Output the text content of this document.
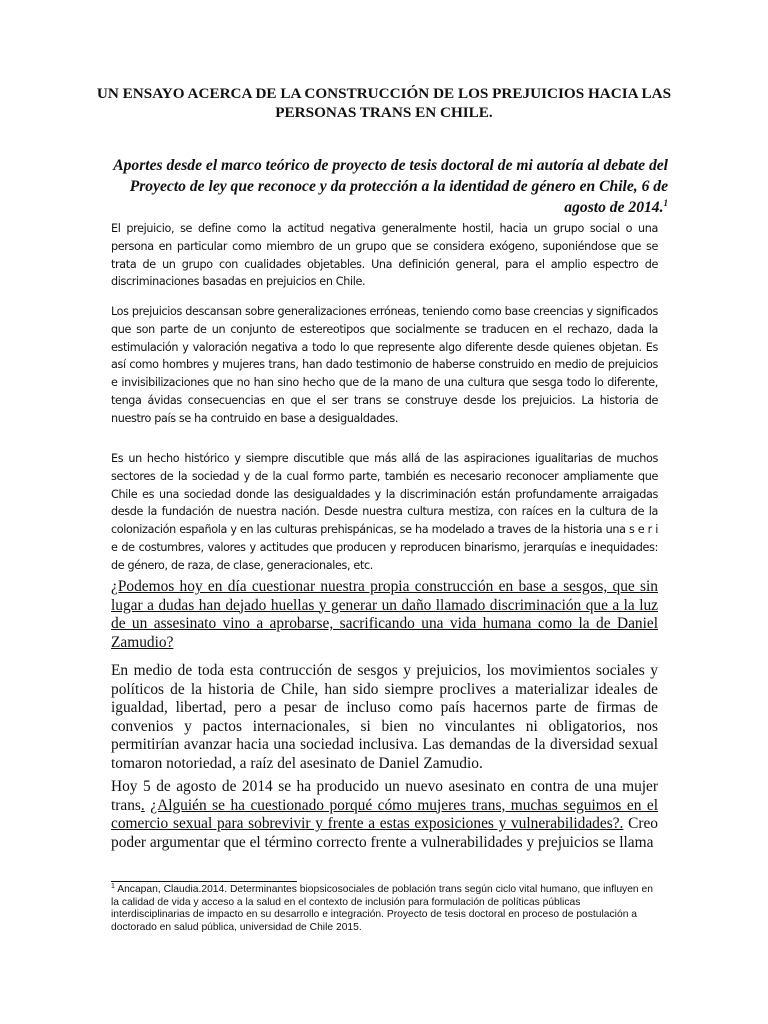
UN ENSAYO ACERCA DE LA CONSTRUCCIÓN DE LOS PREJUICIOS HACIA LAS PERSONAS TRANS EN CHILE.

Aportes desde el marco teórico de proyecto de tesis doctoral de mi autoría al debate del Proyecto de ley que reconoce y da protección a la identidad de género en Chile, 6 de agosto de 2014.$^1$

El prejuicio, se define como la actitud negativa generalmente hostil, hacia un grupo social o una persona en particular como miembro de un grupo que se considera exógeno, suponiéndose que se trata de un grupo con cualidades objetables. Una definición general, para el amplio espectro de discriminaciones basadas en prejuicios en Chile.

Los prejuicios descansan sobre generalizaciones erróneas, teniendo como base creencias y significados que son parte de un conjunto de estereotipos que socialmente se traducen en el rechazo, dada la estimulación y valoración negativa a todo lo que represente algo diferente desde quienes objetan. Es así como hombres y mujeres trans, han dado testimonio de haberse construido en medio de prejuicios e invisibilizaciones que no han sino hecho que de la mano de una cultura que sesga todo lo diferente, tenga ávidas consecuencias en que el ser trans se construye desde los prejuicios. La historia de nuestro país se ha contruido en base a desigualdades.

Es un hecho histórico y siempre discutible que más allá de las aspiraciones igualitarias de muchos sectores de la sociedad y de la cual formo parte, también es necesario reconocer ampliamente que Chile es una sociedad donde las desigualdades y la discriminación están profundamente arraigadas desde la fundación de nuestra nación. Desde nuestra cultura mestiza, con raíces en la cultura de la colonización española y en las culturas prehispánicas, se ha modelado a traves de la historia una s e r i e de costumbres, valores y actitudes que producen y reproducen binarismo, jerarquías e inequidades: de género, de raza, de clase, generacionales, etc.

¿Podemos hoy en día cuestionar nuestra propia construcción en base a sesgos, que sin lugar a dudas han dejado huellas y generar un daño llamado discriminación que a la luz de un assesinato vino a aprobarse, sacrificando una vida humana como la de Daniel Zamudio?

En medio de toda esta contrucción de sesgos y prejuicios, los movimientos sociales y políticos de la historia de Chile, han sido siempre proclives a materializar ideales de igualdad, libertad, pero a pesar de incluso como país hacernos parte de firmas de convenios y pactos internacionales, si bien no vinculantes ni obligatorios, nos permitirían avanzar hacia una sociedad inclusiva. Las demandas de la diversidad sexual tomaron notoriedad, a raíz del asesinato de Daniel Zamudio.

Hoy 5 de agosto de 2014 se ha producido un nuevo asesinato en contra de una mujer trans. ¿Alguién se ha cuestionado porqué cómo mujeres trans, muchas seguimos en el comercio sexual para sobrevivir y frente a estas exposiciones y vulnerabilidades?. Creo poder argumentar que el término correcto frente a vulnerabilidades y prejuicios se llama

$^1$ Ancapan, Claudia.2014. Determinantes biopsicosociales de población trans según ciclo vital humano, que influyen en la calidad de vida y acceso a la salud en el contexto de inclusión para formulación de políticas públicas interdisciplinarias de impacto en su desarrollo e integración. Proyecto de tesis doctoral en proceso de postulación a doctorado en salud pública, universidad de Chile 2015.
